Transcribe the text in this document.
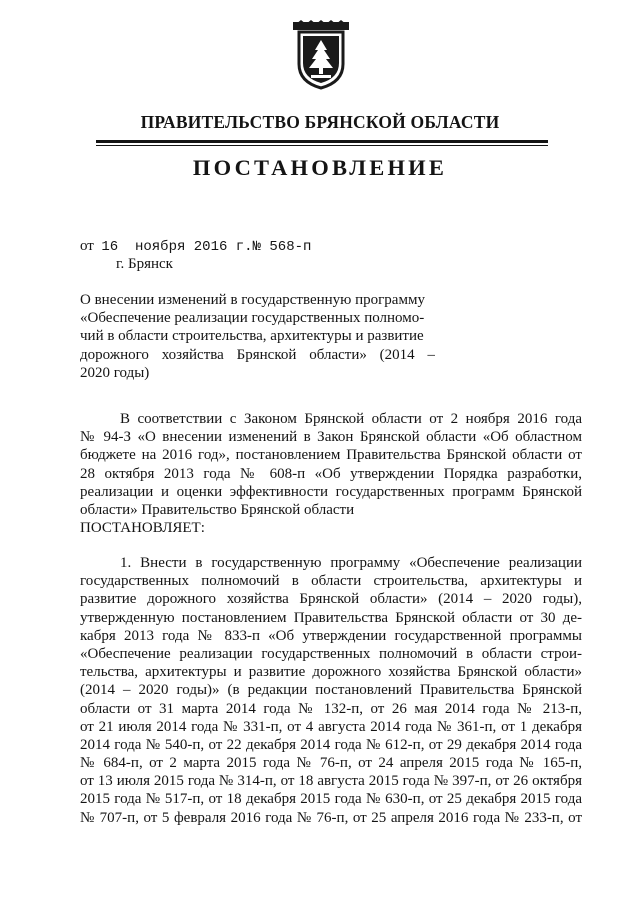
ПРАВИТЕЛЬСТВО БРЯНСКОЙ ОБЛАСТИ
ПОСТАНОВЛЕНИЕ
от 16  ноября 2016 г.№ 568-п
г. Брянск
О внесении изменений в государственную программу
«Обеспечение реализации государственных полномо-
чий в области строительства, архитектуры и развитие
дорожного хозяйства Брянской области» (2014 –
2020 годы)
В соответствии с Законом Брянской области от 2 ноября 2016 года
№ 94-З «О внесении изменений в Закон Брянской области «Об областном
бюджете на 2016 год», постановлением Правительства Брянской области от
28 октября 2013 года № 608-п «Об утверждении Порядка разработки,
реализации и оценки эффективности государственных программ Брянской
области» Правительство Брянской области
ПОСТАНОВЛЯЕТ:
1. Внести в государственную программу «Обеспечение реализации
государственных полномочий в области строительства, архитектуры и
развитие дорожного хозяйства Брянской области» (2014 – 2020 годы),
утвержденную постановлением Правительства Брянской области от 30 де-
кабря 2013 года № 833-п «Об утверждении государственной программы
«Обеспечение реализации государственных полномочий в области строи-
тельства, архитектуры и развитие дорожного хозяйства Брянской области»
(2014 – 2020 годы)» (в редакции постановлений Правительства Брянской
области от 31 марта 2014 года № 132-п, от 26 мая 2014 года № 213-п,
от 21 июля 2014 года № 331-п, от 4 августа 2014 года № 361-п, от 1 декабря
2014 года № 540-п, от 22 декабря 2014 года № 612-п, от 29 декабря 2014 года
№ 684-п, от 2 марта 2015 года № 76-п, от 24 апреля 2015 года № 165-п,
от 13 июля 2015 года № 314-п, от 18 августа 2015 года № 397-п, от 26 октября
2015 года № 517-п, от 18 декабря 2015 года № 630-п, от 25 декабря 2015 года
№ 707-п, от 5 февраля 2016 года № 76-п, от 25 апреля 2016 года № 233-п, от
